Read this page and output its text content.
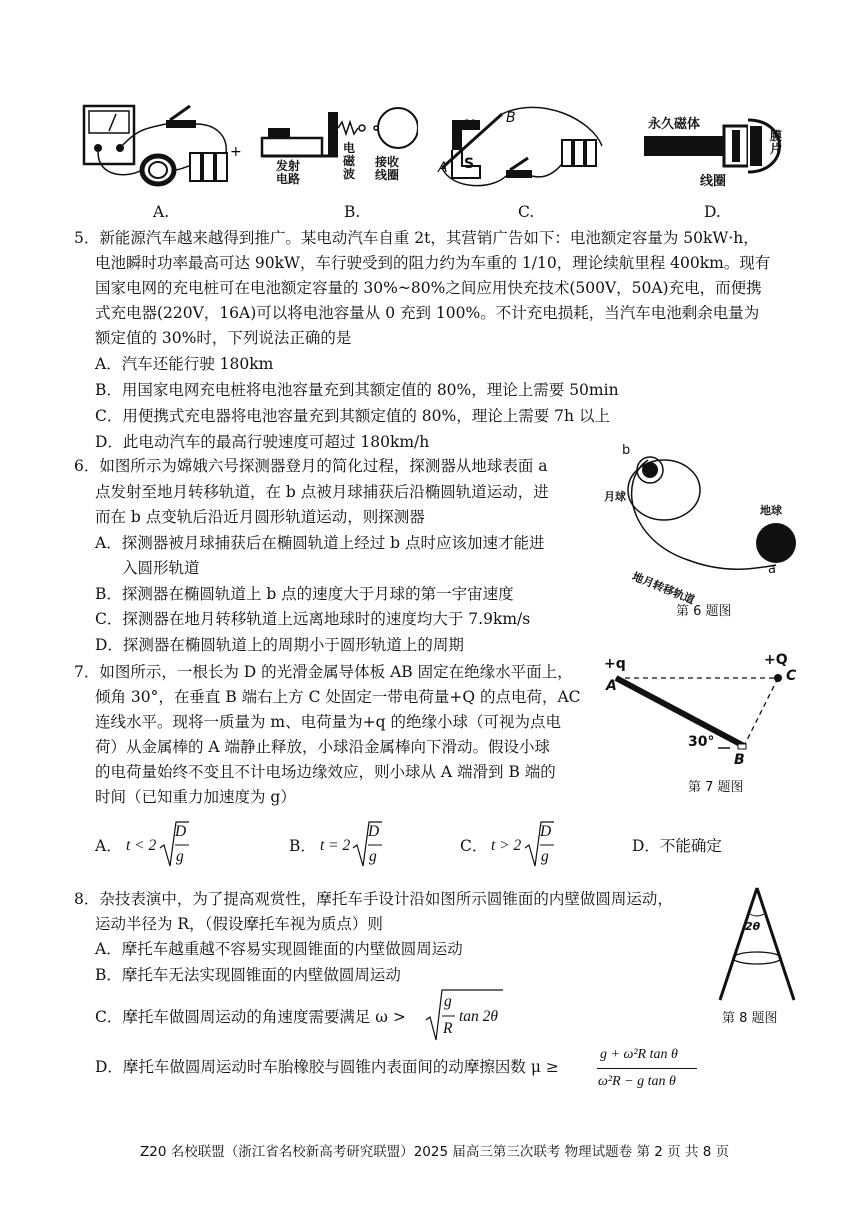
+
A.
发射电路
电磁波
接收线圈
B.
N
S
A
B
C.
永久磁体
线圈
膜片
D.
5．新能源汽车越来越得到推广。某电动汽车自重 2t，其营销广告如下：电池额定容量为 50kW·h，
电池瞬时功率最高可达 90kW，车行驶受到的阻力约为车重的 1/10，理论续航里程 400km。现有
国家电网的充电桩可在电池额定容量的 30%~80%之间应用快充技术(500V，50A)充电，而便携
式充电器(220V，16A)可以将电池容量从 0 充到 100%。不计充电损耗，当汽车电池剩余电量为
额定值的 30%时，下列说法正确的是
A．汽车还能行驶 180km
B．用国家电网充电桩将电池容量充到其额定值的 80%，理论上需要 50min
C．用便携式充电器将电池容量充到其额定值的 80%，理论上需要 7h 以上
D．此电动汽车的最高行驶速度可超过 180km/h
6．如图所示为嫦娥六号探测器登月的简化过程，探测器从地球表面 a
点发射至地月转移轨道，在 b 点被月球捕获后沿椭圆轨道运动，进
而在 b 点变轨后沿近月圆形轨道运动，则探测器
A．探测器被月球捕获后在椭圆轨道上经过 b 点时应该加速才能进
入圆形轨道
B．探测器在椭圆轨道上 b 点的速度大于月球的第一宇宙速度
C．探测器在地月转移轨道上远离地球时的速度均大于 7.9km/s
D．探测器在椭圆轨道上的周期小于圆形轨道上的周期
b
月球
地球
a
地月转移轨道
第 6 题图
7．如图所示，一根长为 D 的光滑金属导体板 AB 固定在绝缘水平面上，
倾角 30°，在垂直 B 端右上方 C 处固定一带电荷量+Q 的点电荷，AC
连线水平。现将一质量为 m、电荷量为+q 的绝缘小球（可视为点电
荷）从金属棒的 A 端静止释放，小球沿金属棒向下滑动。假设小球
的电荷量始终不变且不计电场边缘效应，则小球从 A 端滑到 B 端的
时间（已知重力加速度为 g）
+q	+Q
A
C
30°
B
第 7 题图
A． t < 2
D
g
B． t = 2
D
g
C． t > 2
D
g
D．不能确定
8．杂技表演中，为了提高观赏性，摩托车手设计沿如图所示圆锥面的内壁做圆周运动，
运动半径为 R，（假设摩托车视为质点）则
A．摩托车越重越不容易实现圆锥面的内壁做圆周运动
B．摩托车无法实现圆锥面的内壁做圆周运动
C．摩托车做圆周运动的角速度需要满足 ω >
g
R
tan 2θ
D．摩托车做圆周运动时车胎橡胶与圆锥内表面间的动摩擦因数 μ ≥
g + ω²R tan θ
ω²R − g tan θ
2θ
第 8 题图
Z20 名校联盟（浙江省名校新高考研究联盟）2025 届高三第三次联考 物理试题卷 第 2 页 共 8 页
